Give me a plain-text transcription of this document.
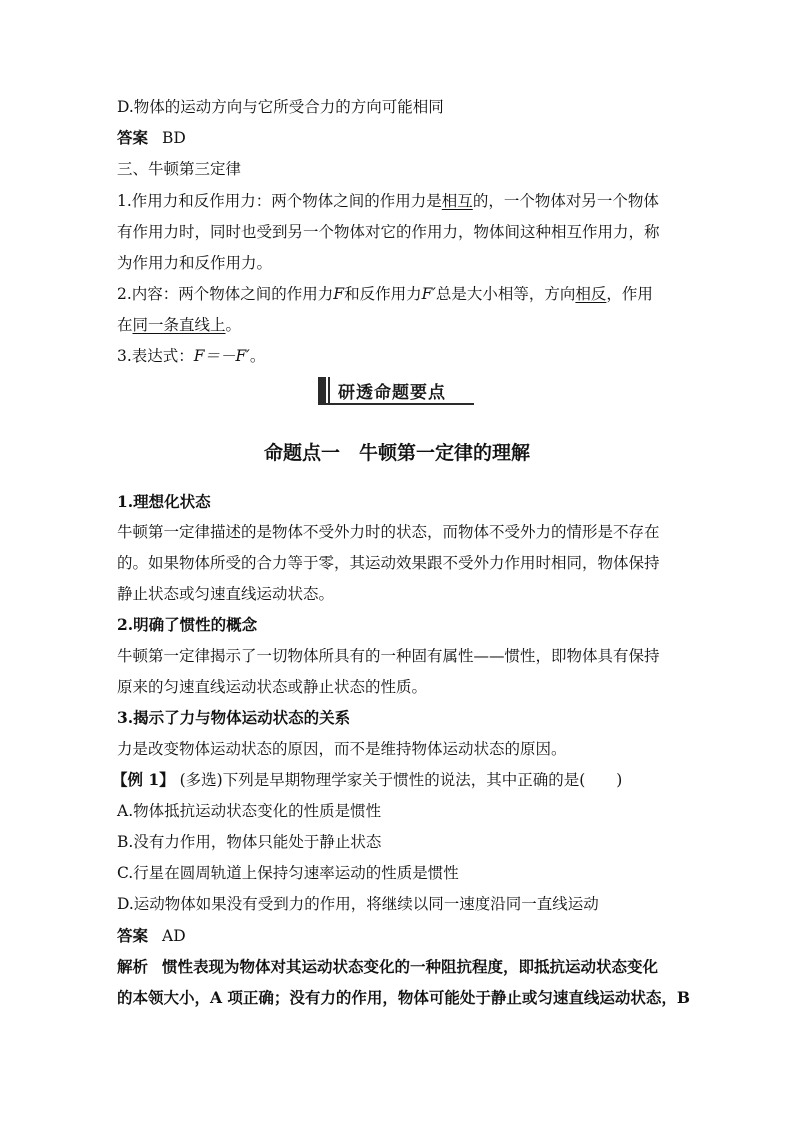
D.物体的运动方向与它所受合力的方向可能相同
答案 BD
三、牛顿第三定律
1.作用力和反作用力：两个物体之间的作用力是相互的，一个物体对另一个物体
有作用力时，同时也受到另一个物体对它的作用力，物体间这种相互作用力，称
为作用力和反作用力。
2.内容：两个物体之间的作用力F和反作用力F′总是大小相等，方向相反，作用
在同一条直线上。
3.表达式：F＝－F′。
研透命题要点
命题点一　牛顿第一定律的理解
1.理想化状态
牛顿第一定律描述的是物体不受外力时的状态，而物体不受外力的情形是不存在
的。如果物体所受的合力等于零，其运动效果跟不受外力作用时相同，物体保持
静止状态或匀速直线运动状态。
2.明确了惯性的概念
牛顿第一定律揭示了一切物体所具有的一种固有属性——惯性，即物体具有保持
原来的匀速直线运动状态或静止状态的性质。
3.揭示了力与物体运动状态的关系
力是改变物体运动状态的原因，而不是维持物体运动状态的原因。
【例 1】 (多选)下列是早期物理学家关于惯性的说法，其中正确的是(　　)
A.物体抵抗运动状态变化的性质是惯性
B.没有力作用，物体只能处于静止状态
C.行星在圆周轨道上保持匀速率运动的性质是惯性
D.运动物体如果没有受到力的作用，将继续以同一速度沿同一直线运动
答案 AD
解析 惯性表现为物体对其运动状态变化的一种阻抗程度，即抵抗运动状态变化
的本领大小，A 项正确；没有力的作用，物体可能处于静止或匀速直线运动状态，B
